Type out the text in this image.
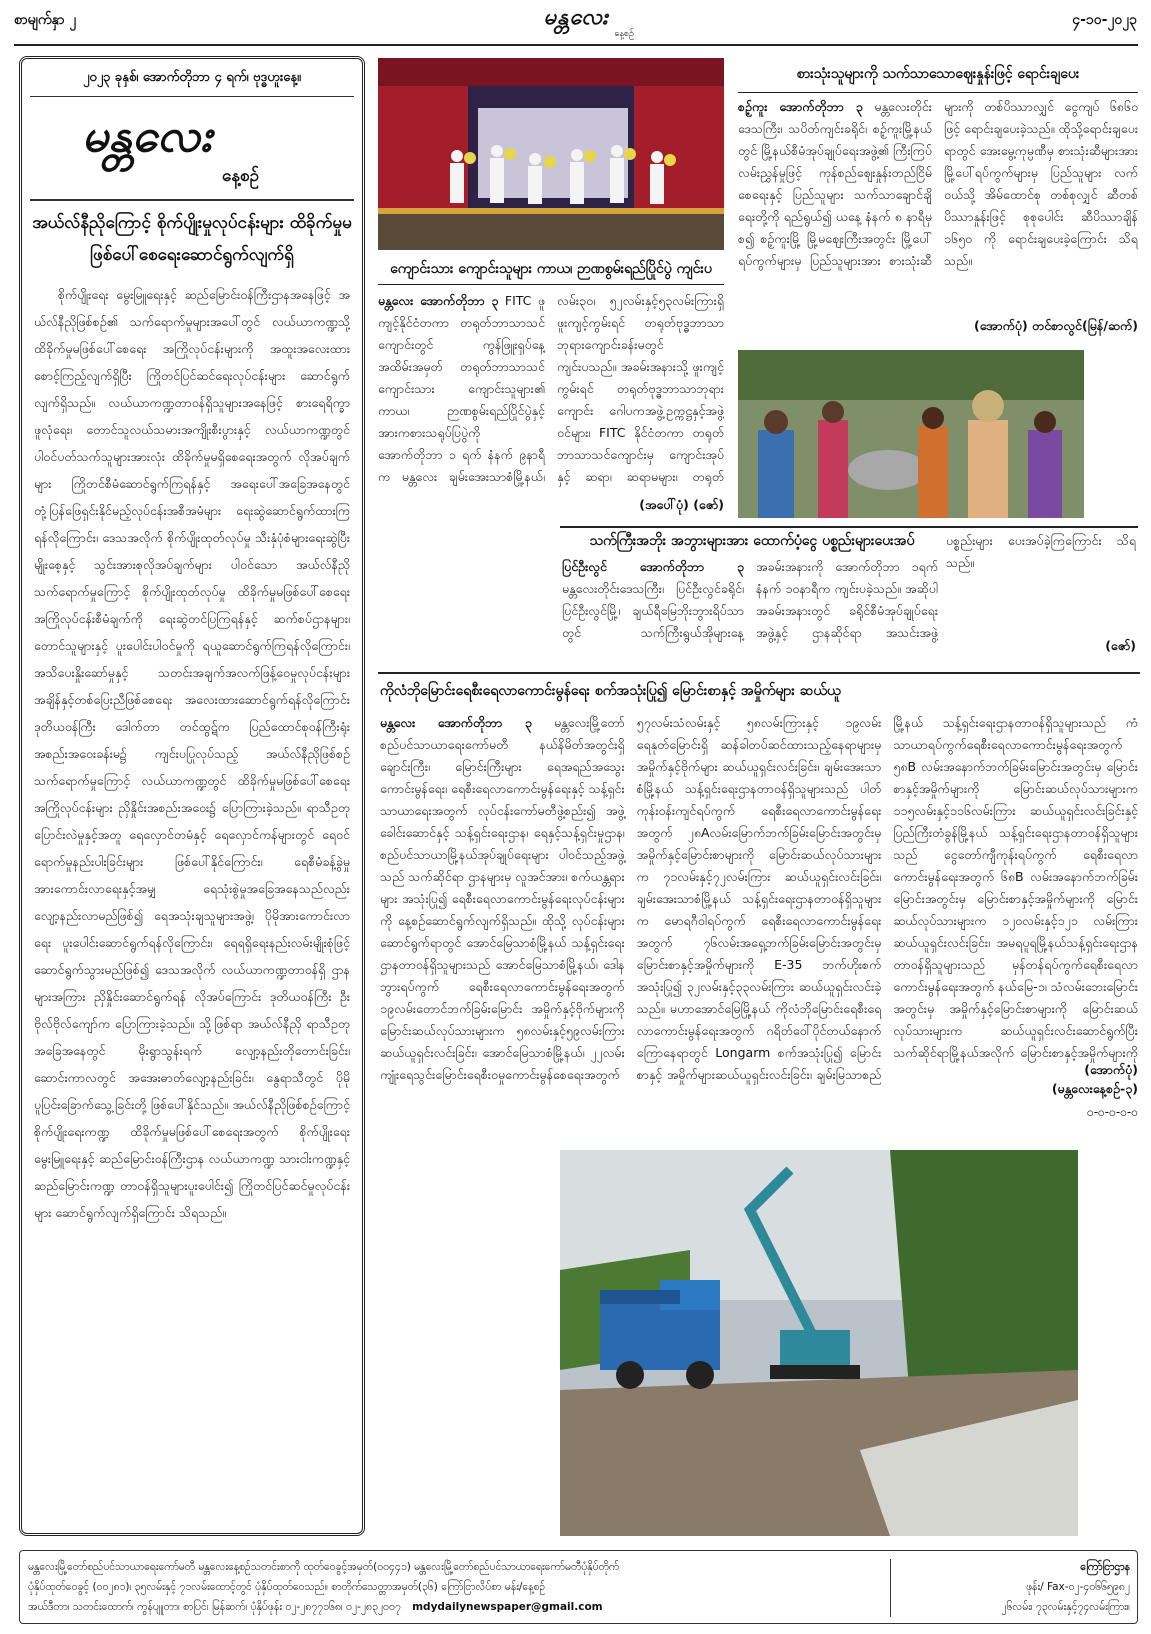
စာမျက်နှာ ၂	မန္တလေး
နေ့စဉ်
၄-၁၀-၂၀၂၃
၂၀၂၃ ခုနှစ်၊ အောက်တိုဘာ ၄ ရက်၊ ဗုဒ္ဓဟူးနေ့။
မန္တလေး
နေ့စဉ်
အယ်လ်နီညိုကြောင့် စိုက်ပျိုးမှုလုပ်ငန်းများ ထိခိုက်မှုမဖြစ်ပေါ်စေရေးဆောင်ရွက်လျက်ရှိ
စိုက်ပျိုးရေး မွေးမြူရေးနှင့် ဆည်မြောင်းဝန်ကြီးဌာနအနေဖြင့် အယ်လ်နီညိုဖြစ်စဉ်၏ သက်ရောက်မှုများအပေါ်တွင် လယ်ယာကဏ္ဍသို့ ထိခိုက်မှုမဖြစ်ပေါ်စေရေး အကြိုလုပ်ငန်းများကို အထူးအလေးထားစောင့်ကြည့်လျက်ရှိပြီး ကြိုတင်ပြင်ဆင်ရေးလုပ်ငန်းများ ဆောင်ရွက်လျက်ရှိသည်။ လယ်ယာကဏ္ဍတာဝန်ရှိသူများအနေဖြင့် စားရေရိက္ခာဖူလုံရေး၊ တောင်သူလယ်သမားအကျိုးစီးပွားနှင့် လယ်ယာကဏ္ဍတွင် ပါဝင်ပတ်သက်သူများအားလုံး ထိခိုက်မှုမရှိစေရေးအတွက် လိုအပ်ချက်များ ကြိုတင်စီမံဆောင်ရွက်ကြရန်နှင့် အရေးပေါ်အခြေအနေတွင် တုံ့ပြန်ဖြေရှင်းနိုင်မည့်လုပ်ငန်းအစီအမံများ ရေးဆွဲဆောင်ရွက်ထားကြရန်လိုကြောင်း၊ ဒေသအလိုက် စိုက်ပျိုးထုတ်လုပ်မှု သီးနှံပုံစံများရေးဆွဲပြီး မျိုးစေ့နှင့် သွင်းအားစုလိုအပ်ချက်များ ပါဝင်သော အယ်လ်နီညို သက်ရောက်မှုကြောင့် စိုက်ပျိုးထုတ်လုပ်မှု ထိခိုက်မှုမဖြစ်ပေါ်စေရေး အကြိုလုပ်ငန်းစီမံချက်ကို ရေးဆွဲတင်ပြကြရန်နှင့် ဆက်စပ်ဌာနများ၊ တောင်သူများနှင့် ပူးပေါင်းပါဝင်မှုကို ရယူဆောင်ရွက်ကြရန်လိုကြောင်း၊ အသိပေးနှိုးဆော်မှုနှင့် သတင်းအချက်အလက်ဖြန့်ဝေမှုလုပ်ငန်းများ အချိန်နှင့်တစ်ပြေးညီဖြစ်စေရေး အလေးထားဆောင်ရွက်ရန်လိုကြောင်း ဒုတိယဝန်ကြီး ဒေါက်တာ တင်ထွဋ်က ပြည်ထောင်စုဝန်ကြီးရုံး အစည်းအဝေးခန်းမ၌ ကျင်းပပြုလုပ်သည့် အယ်လ်နီညိုဖြစ်စဉ် သက်ရောက်မှုကြောင့် လယ်ယာကဏ္ဍတွင် ထိခိုက်မှုမဖြစ်ပေါ်စေရေး အကြိုလုပ်ငန်းများ ညှိနှိုင်းအစည်းအဝေး၌ ပြောကြားခဲ့သည်။ ရာသီဥတုပြောင်းလဲမှုနှင့်အတူ ရေလှောင်တမံနှင့် ရေလှောင်ကန်များတွင် ရေဝင်ရောက်မှုနည်းပါးခြင်းများ ဖြစ်ပေါ်နိုင်ကြောင်း၊ ရေစီမံခန့်ခွဲမှု အားကောင်းလာရေးနှင့်အမျှ ရေသုံးစွဲမှုအခြေအနေသည်လည်း လျော့နည်းလာမည်ဖြစ်၍ ရေအသုံးချသူများအဖွဲ့၊ ပိုမိုအားကောင်းလာရေး ပူးပေါင်းဆောင်ရွက်ရန်လိုကြောင်း၊ ရေရရှိရေးနည်းလမ်းမျိုးစုံဖြင့် ဆောင်ရွက်သွားမည်ဖြစ်၍ ဒေသအလိုက် လယ်ယာကဏ္ဍတာဝန်ရှိ ဌာနများအကြား ညှိနှိုင်းဆောင်ရွက်ရန် လိုအပ်ကြောင်း ဒုတိယဝန်ကြီး ဦးဗိုလ်ဗိုလ်ကျော်က ပြောကြားခဲ့သည်။ သို့ဖြစ်ရာ အယ်လ်နီညို ရာသီဥတုအခြေအနေတွင် မိုးရွာသွန်းရက် လျော့နည်းတိုတောင်းခြင်း၊ ဆောင်းကာလတွင် အအေးဓာတ်လျော့နည်းခြင်း၊ နွေရာသီတွင် ပိုမိုပူပြင်းခြောက်သွေ့ခြင်းတို့ ဖြစ်ပေါ်နိုင်သည်။ အယ်လ်နီညိုဖြစ်စဉ်ကြောင့် စိုက်ပျိုးရေးကဏ္ဍ ထိခိုက်မှုမဖြစ်ပေါ်စေရေးအတွက် စိုက်ပျိုးရေး မွေးမြူရေးနှင့် ဆည်မြောင်းဝန်ကြီးဌာန လယ်ယာကဏ္ဍ သားငါးကဏ္ဍနှင့် ဆည်မြောင်းကဏ္ဍ တာဝန်ရှိသူများပူးပေါင်း၍ ကြိုတင်ပြင်ဆင်မှုလုပ်ငန်းများ ဆောင်ရွက်လျက်ရှိကြောင်း သိရသည်။
ကျောင်းသား ကျောင်းသူများ ကာယ၊ ဉာဏစွမ်းရည်ပြိုင်ပွဲ ကျင်းပ
မန္တလေး အောက်တိုဘာ ၃ FITC ဖူကျင့်နိုင်ငံတကာ တရုတ်ဘာသာသင်ကျောင်းတွင် ကွန်ဖြူးရှပ်နေ့ အထိမ်းအမှတ် တရုတ်ဘာသာသင်ကျောင်းသား ကျောင်းသူများ၏ ကာယ၊ ဉာဏစွမ်းရည်ပြိုင်ပွဲနှင့် အားကစားသရုပ်ပြပွဲကို အောက်တိုဘာ ၁ ရက် နံနက် ၉နာရီက မန္တလေး ချမ်းအေးသာစံမြို့နယ်၊ လမ်း၃၀၊ ၅၂လမ်းနှင့်၅၃လမ်းကြားရှိ ဖူးကျင့်ကွမ်းရင် တရုတ်ဗုဒ္ဓဘာသာဘုရားကျောင်းခန်းမတွင် ကျင်းပသည်။ အခမ်းအနားသို့ ဖူးကျင့်ကွမ်းရင် တရုတ်ဗုဒ္ဓဘာသာဘုရားကျောင်း ဂေါပကအဖွဲ့ဥက္ကဋ္ဌနှင့်အဖွဲ့ဝင်များ၊ FITC နိုင်ငံတကာ တရုတ်ဘာသာသင်ကျောင်းမှ ကျောင်းအုပ်နှင့် ဆရာ၊ ဆရာမများ၊ တရုတ်
(အပေါ်ပုံ) (ဇော်)
စားသုံးသူများကို သက်သာသောဈေးနှုန်းဖြင့် ရောင်းချပေး
စဉ့်ကူး အောက်တိုဘာ ၃ မန္တလေးတိုင်းဒေသကြီး၊ သပိတ်ကျင်းခရိုင်၊ စဉ့်ကူးမြို့နယ်တွင် မြို့နယ်စီမံအုပ်ချုပ်ရေးအဖွဲ့၏ ကြီးကြပ်လမ်းညွှန်မှုဖြင့် ကုန်စည်ဈေးနှုန်းတည်ငြိမ်စေရေးနှင့် ပြည်သူများ သက်သာချောင်ချိရေးတို့ကို ရည်ရွယ်၍ ယနေ့ နံနက် ၈ နာရီမှစ၍ စဉ့်ကူးမြို့ မြို့မဈေးကြီးအတွင်း မြို့ပေါ်ရပ်ကွက်များမှ ပြည်သူများအား စားသုံးဆီများကို တစ်ပိဿာလျှင် ငွေကျပ် ၆၈၆၀ ဖြင့် ရောင်းချပေးခဲ့သည်။ ထိုသို့ရောင်းချပေးရာတွင် အေးမွေ့ကုမ္ပဏီမှ စားသုံးဆီများအား မြို့ပေါ်ရပ်ကွက်များမှ ပြည်သူများ လက်ဝယ်သို့ အိမ်ထောင်စု တစ်စုလျှင် ဆီတစ်ပိဿာနှုန်းဖြင့် စုစုပေါင်း ဆီပိဿာချိန် ၁၆၅၀ ကို ရောင်းချပေးခဲ့ကြောင်း သိရသည်။
(အောက်ပုံ) တင်စာလွင်(မြန်/ဆက်)
သက်ကြီးအဘိုး အဘွားများအား ထောက်ပံ့ငွေ ပစ္စည်းများပေးအပ်
ပြင်ဦးလွင် အောက်တိုဘာ ၃ မန္တလေးတိုင်းဒေသကြီး၊ ပြင်ဦးလွင်ခရိုင်၊ ပြင်ဦးလွင်မြို့၊ ချယ်ရီမြေဘိုးဘွားရိပ်သာတွင် သက်ကြီးရွယ်အိုများနေ့ အခမ်းအနားကို အောက်တိုဘာ ၁ရက် နံနက် ၁၀နာရီက ကျင်းပခဲ့သည်။ အဆိုပါအခမ်းအနားတွင် ခရိုင်စီမံအုပ်ချုပ်ရေးအဖွဲ့နှင့် ဌာနဆိုင်ရာ အသင်းအဖွဲ့
ပစ္စည်းများ ပေးအပ်ခဲ့ကြကြောင်း သိရသည်။
(ဇော်)
ကိုလံဘိုမြောင်းရေစီးရေလာကောင်းမွန်ရေး စက်အသုံးပြု၍ မြောင်းစာနှင့် အမှိုက်များ ဆယ်ယူ
မန္တလေး အောက်တိုဘာ ၃ မန္တလေးမြို့တော်စည်ပင်သာယာရေးကော်မတီ နယ်နိမိတ်အတွင်းရှိ ချောင်းကြီး၊ မြောင်းကြီးများ ရေအရည်အသွေးကောင်းမွန်ရေး၊ ရေစီးရေလာကောင်းမွန်ရေးနှင့် သန့်ရှင်းသာယာရေးအတွက် လုပ်ငန်းကော်မတီဖွဲ့စည်း၍ အဖွဲ့ခေါင်းဆောင်နှင့် သန့်ရှင်းရေးဌာန၊ ရေနှင့်သန့်ရှင်းမှုဌာန၊ စည်ပင်သာယာမြို့နယ်အုပ်ချုပ်ရေးများ ပါဝင်သည့်အဖွဲ့သည် သက်ဆိုင်ရာ ဌာနများမှ လူအင်အား၊ စက်ယန္တရားများ အသုံးပြု၍ ရေစီးရေလာကောင်းမွန်ရေးလုပ်ငန်းများကို နေ့စဉ်ဆောင်ရွက်လျက်ရှိသည်။ ထိုသို့ လုပ်ငန်းများဆောင်ရွက်ရာတွင် အောင်မြေသာစံမြို့နယ် သန့်ရှင်းရေးဌာနတာဝန်ရှိသူများသည် အောင်မြေသာစံမြို့နယ်၊ ဒေါနဘွားရပ်ကွက် ရေစီးရေလာကောင်းမွန်ရေးအတွက် ၁၉လမ်းတောင်ဘက်ခြမ်းမြောင်း အမှိုက်နှင့်ဗိုက်များကို မြောင်းဆယ်လုပ်သားများက ၅၈လမ်းနှင့်၅၉လမ်းကြား ဆယ်ယူရှင်းလင်းခြင်း၊ အောင်မြေသာစံမြို့နယ်၊ ၂၂လမ်းကျုံးရေသွင်းမြောင်းရေစီးဝမှုကောင်းမွန်စေရေးအတွက် ၅၇လမ်းသံလမ်းနှင့် ၅၈လမ်းကြားနှင့် ၁၉လမ်းရေနုတ်မြောင်းရှိ ဆန်ခါတပ်ဆင်ထားသည့်နေရာများမှ အမှိုက်နှင့်ဗိုက်များ ဆယ်ယူရှင်းလင်းခြင်း၊ ချမ်းအေးသာစံမြို့နယ် သန့်ရှင်းရေးဌာနတာဝန်ရှိသူများသည် ပါတ်ကုန်းဝန်းကျင်ရပ်ကွက် ရေစီးရေလာကောင်းမွန်ရေးအတွက် ၂၈Aလမ်းမြောက်ဘက်ခြမ်းမြောင်းအတွင်းမှ အမှိုက်နှင့်မြောင်းစာများကို မြောင်းဆယ်လုပ်သားများက ၇၁လမ်းနှင့်၇၂လမ်းကြား ဆယ်ယူရှင်းလင်းခြင်း၊ ချမ်းအေးသာစံမြို့နယ် သန့်ရှင်းရေးဌာနတာဝန်ရှိသူများက မောရဂီဝါရပ်ကွက် ရေစီးရေလာကောင်းမွန်ရေးအတွက် ၇၆လမ်းအရှေ့ဘက်ခြမ်းမြောင်းအတွင်းမှ မြောင်းစာနှင့်အမှိုက်များကို E-35 ဘက်ဟိုးစက်အသုံးပြု၍ ၃၂လမ်းနှင့်၃၃လမ်းကြား ဆယ်ယူရှင်းလင်းခဲ့သည်။ မဟာအောင်မြေမြို့နယ် ကိုလံဘိုမြောင်းရေစီးရေလာကောင်းမွန်ရေးအတွက် ဂရိတ်ဝေါ်ပိုင်တယ်နောက်ကြောနေရာတွင် Longarm စက်အသုံးပြု၍ မြောင်းစာနှင့် အမှိုက်များဆယ်ယူရှင်းလင်းခြင်း၊ ချမ်းမြသာစည်မြို့နယ် သန့်ရှင်းရေးဌာနတာဝန်ရှိသူများသည် ကံသာယာရပ်ကွက်ရေစီးရေလာကောင်းမွန်ရေးအတွက် ၅၈B လမ်းအနောက်ဘက်ခြမ်းမြောင်းအတွင်းမှ မြောင်းစာနှင့်အမှိုက်များကို မြောင်းဆယ်လုပ်သားများက ၁၁၅လမ်းနှင့်၁၁၆လမ်းကြား ဆယ်ယူရှင်းလင်းခြင်းနှင့် ပြည်ကြီးတံခွန်မြို့နယ် သန့်ရှင်းရေးဌာနတာဝန်ရှိသူများသည် ငွေတော်ကျီကုန်းရပ်ကွက် ရေစီးရေလာကောင်းမွန်ရေးအတွက် ၆၈B လမ်းအနောက်ဘက်ခြမ်းမြောင်းအတွင်းမှ မြောင်းစာနှင့်အမှိုက်များကို မြောင်းဆယ်လုပ်သားများက ၁၂၀လမ်းနှင့်၁၂၁ လမ်းကြား ဆယ်ယူရှင်းလင်းခြင်း၊ အမရပူရမြို့နယ်သန့်ရှင်းရေးဌာန တာဝန်ရှိသူများသည် မှန်တန်ရပ်ကွက်ရေစီးရေလာကောင်းမွန်ရေးအတွက် နယ်မြေ-၁၊ သံလမ်းဘေးမြောင်းအတွင်းမှ အမှိုက်နှင့်မြောင်းစာများကို မြောင်းဆယ်လုပ်သားများက ဆယ်ယူရှင်းလင်းဆောင်ရွက်ပြီး သက်ဆိုင်ရာမြို့နယ်အလိုက် မြောင်းစာနှင့်အမှိုက်များကို
(အောက်ပုံ)
(မန္တလေးနေ့စဉ်-၃)
ဝ-ဝ-ဝ-ဝ-ဝ
မန္တလေးမြို့တော်စည်ပင်သာယာရေးကော်မတီ မန္တလေးနေ့စဉ်သတင်းစာကို ထုတ်ဝေခွင့်အမှတ်(၀၀၄၄၁) မန္တလေးမြို့တော်စည်ပင်သာယာရေးကော်မတီပုံနှိပ်တိုက်
ပုံနှိပ်ထုတ်ဝေခွင့် (၀၀၂၈၁)၊ ၃၅လမ်းနှင့် ၇၁လမ်းထောင့်တွင် ပုံနှိပ်ထုတ်ဝေသည်။ စာတိုက်သေတ္တာအမှတ်(၃၆) ကြော်ငြာလိပ်စာ မန်း/နေ့စဉ်
အယ်ဒီတာ၊ သတင်းထောက်၊ ကွန်ပျူတာ၊ စာပြင်၊ မြန်ဆက်၊ ပုံနှိပ်ဖုန်း ၀၂-၂၈၇၇၁၆၈၊ ၀၂-၂၈၃၂၀၀၇ mdydailynewspaper@gmail.com
ကြော်ငြာဌာန
ဖုန်း/ Fax-၀၂-၄၀၆၆၅၉၈၂
၂၆လမ်း၊ ၇၃လမ်းနှင့်၇၄လမ်းကြား။
